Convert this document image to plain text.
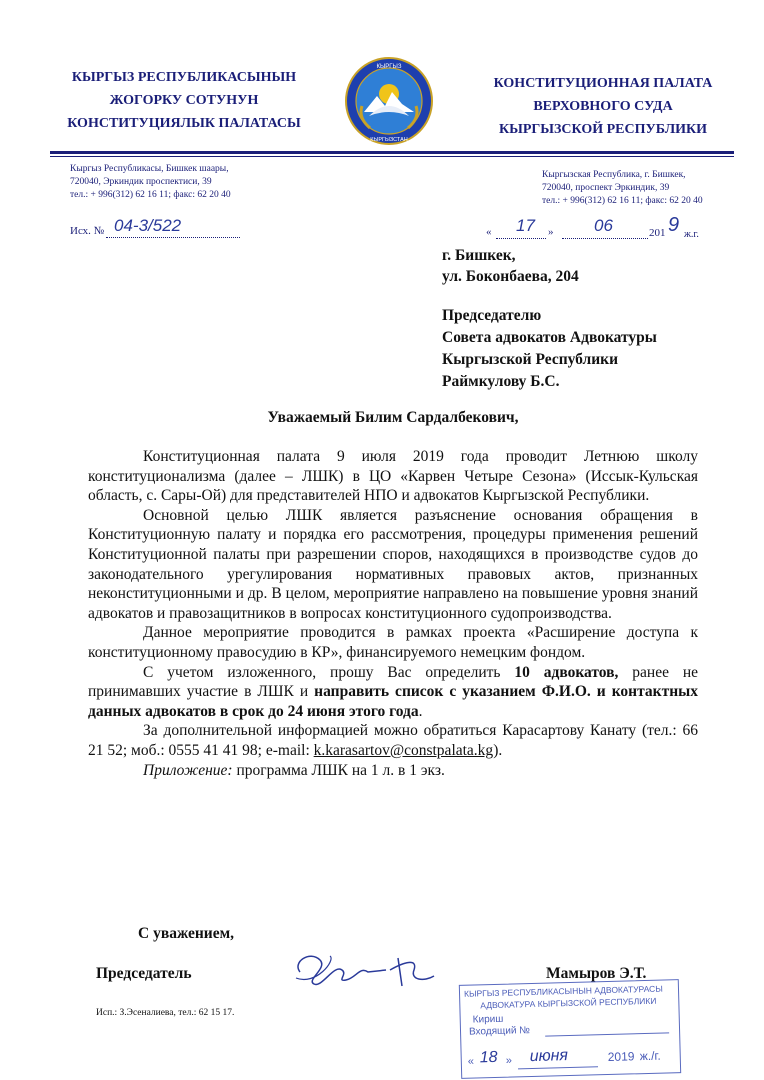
КЫРГЫЗ РЕСПУБЛИКАСЫНЫН
ЖОГОРКУ СОТУНУН
КОНСТИТУЦИЯЛЫК ПАЛАТАСЫ
КЫРГЫЗ
КЫРГЫЗСТАН
КОНСТИТУЦИОННАЯ ПАЛАТА
ВЕРХОВНОГО СУДА
КЫРГЫЗСКОЙ РЕСПУБЛИКИ
Кыргыз Республикасы, Бишкек шаары,
720040, Эркиндик проспектиси, 39
тел.: + 996(312) 62 16 11; факс: 62 20 40
Кыргызская Республика, г. Бишкек,
720040, проспект Эркиндик, 39
тел.: + 996(312) 62 16 11; факс: 62 20 40
Исх. № 04-3/522	« 17 » 06	201 9 ж.г.
г. Бишкек,
ул. Боконбаева, 204
Председателю
Совета адвокатов Адвокатуры
Кыргызской Республики
Раймкулову Б.С.
Уважаемый Билим Сардалбекович,

Конституционная палата 9 июля 2019 года проводит Летнюю школу конституционализма (далее – ЛШК) в ЦО «Карвен Четыре Сезона» (Иссык-Кульская область, с. Сары-Ой) для представителей НПО и адвокатов Кыргызской Республики.

Основной целью ЛШК является разъяснение основания обращения в Конституционную палату и порядка его рассмотрения, процедуры применения решений Конституционной палаты при разрешении споров, находящихся в производстве судов до законодательного урегулирования нормативных правовых актов, признанных неконституционными и др. В целом, мероприятие направлено на повышение уровня знаний адвокатов и правозащитников в вопросах конституционного судопроизводства.

Данное мероприятие проводится в рамках проекта «Расширение доступа к конституционному правосудию в КР», финансируемого немецким фондом.

С учетом изложенного, прошу Вас определить 10 адвокатов, ранее не принимавших участие в ЛШК и направить список с указанием Ф.И.О. и контактных данных адвокатов в срок до 24 июня этого года.

За дополнительной информацией можно обратиться Карасартову Канату (тел.: 66 21 52; моб.: 0555 41 41 98; e-mail: k.karasartov@constpalata.kg).

Приложение: программа ЛШК на 1 л. в 1 экз.

С уважением,
Председатель	Мамыров Э.Т.
Исп.: З.Эсеналиева, тел.: 62 15 17.
КЫРГЫЗ РЕСПУБЛИКАСЫНЫН АДВОКАТУРАСЫ
АДВОКАТУРА КЫРГЫЗСКОЙ РЕСПУБЛИКИ
Кириш
Входящий №
« 18 » июня	2019 ж./г.
